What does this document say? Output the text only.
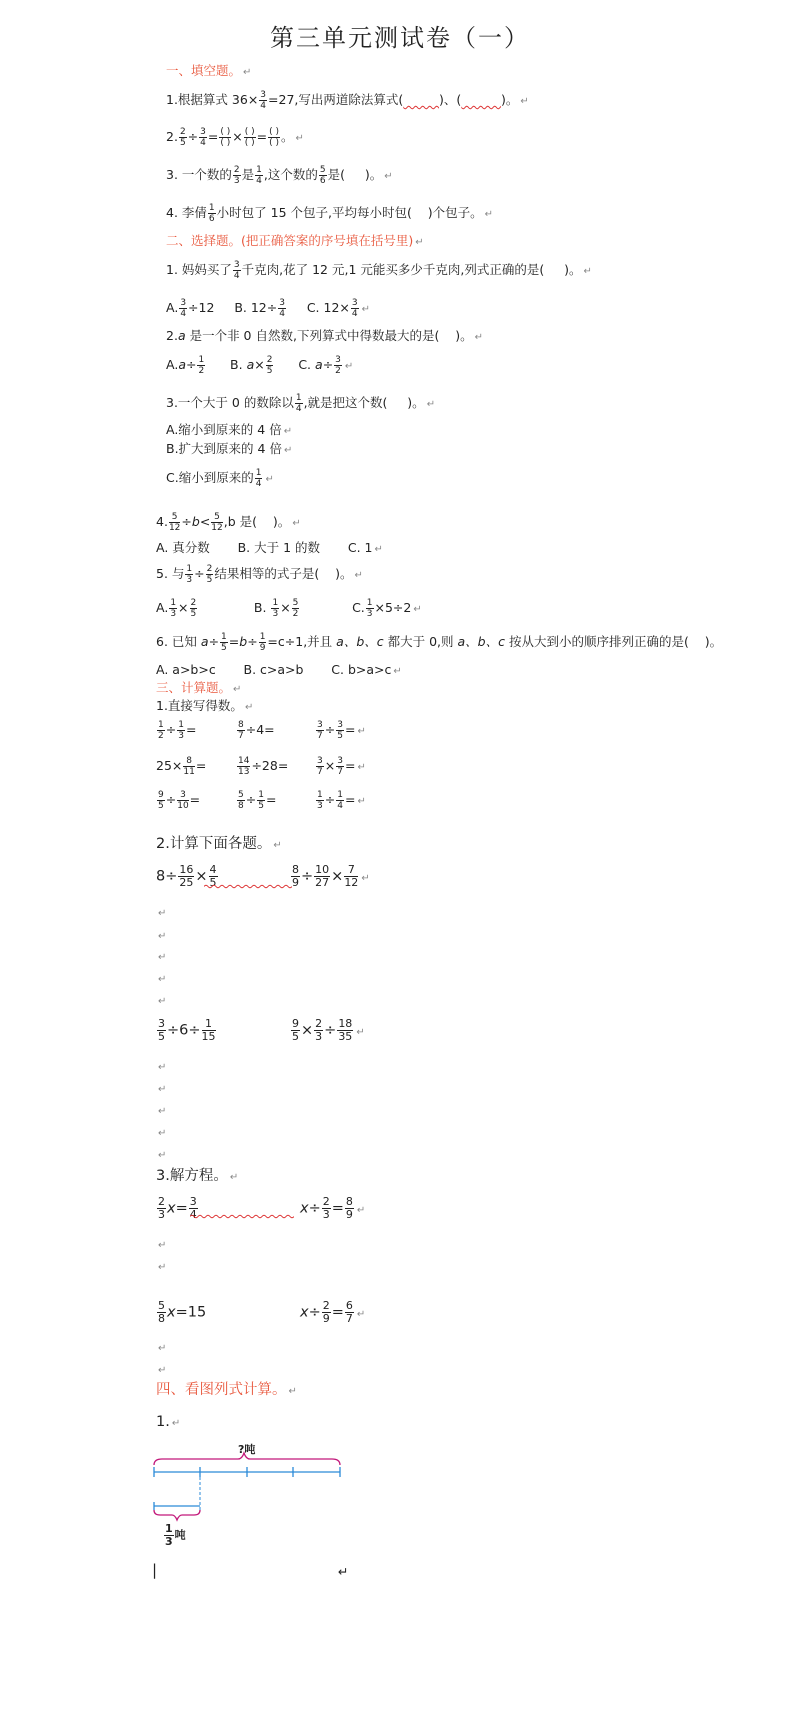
第三单元测试卷（一）
一、填空题。 ↵
1.根据算式 $36\times \frac{3}{4} =27$,写出两道除法算式(	)、(	)。 ↵
2. $\frac{2}{5} \div \frac{3}{4} = \frac{( )}{( )} \times \frac{( )}{( )} = \frac{( )}{( )}$ 。 ↵
3. 一个数的 $\frac{2}{3}$ 是 $\frac{1}{4}$ ,这个数的 $\frac{5}{6}$ 是( )。 ↵
4. 李倩 $\frac{1}{6}$ 小时包了 15 个包子,平均每小时包( )个包子。 ↵
二、选择题。(把正确答案的序号填在括号里) ↵
1. 妈妈买了 $\frac{3}{4}$ 千克肉,花了 12 元,1 元能买多少千克肉,列式正确的是( )。 ↵
A. $\frac{3}{4} \div 12$ B. $12\div \frac{3}{4} C$. $12\times \frac{3}{4}$ ↵
2.a 是一个非 0 自然数,下列算式中得数最大的是( )。 ↵
$A.a\div \frac{1}{2} B$. $a\times \frac{2}{5} C$. $a\div \frac{3}{2}$ ↵
3.一个大于 0 的数除以 $\frac{1}{4}$ ,就是把这个数( )。 ↵
A.缩小到原来的 4 倍 ↵
B.扩大到原来的 4 倍 ↵
C.缩小到原来的 $\frac{1}{4}$ ↵
4. $\frac{5}{12} \div b< \frac{5}{12} ,b$ 是( )。 ↵
A. 真分数 B. 大于 1 的数 C. 1 ↵
5. 与 $\frac{1}{3} \div \frac{2}{5}$ 结果相等的式子是( )。 ↵
A. $\frac{1}{3} \times \frac{2}{5}$	B. $\frac{1}{3} \times \frac{5}{2}$	C. $\frac{1}{3} \times 5\div 2$ ↵
6. 已知 $a\div \frac{1}{5} =b\div \frac{1}{9} =c\div 1$,并且 a、b、c 都大于 0,则 a、b、c 按从大到小的顺序排列正确的是( )。
A. a>b>c B. c>a>b C. b>a>c ↵
三、计算题。 ↵
1.直接写得数。 ↵
$\frac{1}{2} \div \frac{1}{3}$ =	$\frac{8}{7} \div 4=$	$\frac{3}{7} \div \frac{3}{5}$ = ↵
$25\times \frac{8}{11}$ =	$\frac{14}{13} \div 28=$	$\frac{3}{7} \times \frac{3}{7}$ = ↵
$\frac{9}{5} \div \frac{3}{10}$ =	$\frac{5}{8} \div \frac{1}{5}$ =	$\frac{1}{3} \div \frac{1}{4}$ = ↵
2.计算下面各题。 ↵
$8\div \frac{16}{25} \times \frac{4}{5}$	$\frac{8}{9} \div \frac{10}{27} \times \frac{7}{12}$ ↵
↵
↵
↵
↵
↵
$\frac{3}{5} \div 6\div \frac{1}{15}$	$\frac{9}{5} \times \frac{2}{3} \div \frac{18}{35}$ ↵
↵
↵
↵
↵
↵
3.解方程。 ↵
$\frac{2}{3} x= \frac{3}{4}$	$x\div \frac{2}{3} = \frac{8}{9}$ ↵
↵
↵
$\frac{5}{8} x=15$	$x\div \frac{2}{9} = \frac{6}{7}$ ↵
↵
↵
四、看图列式计算。 ↵
1. ↵
?吨
$\frac{1}{3}$ 吨
|	↵
